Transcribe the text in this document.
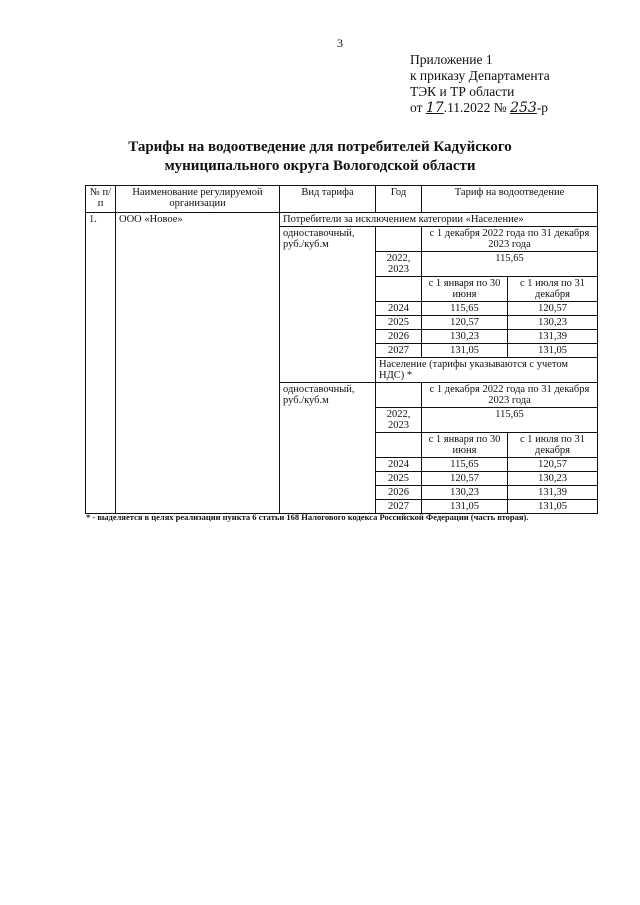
3
Приложение 1
к приказу Департамента
ТЭК и ТР области
от 17.11.2022 № 253-р
Тарифы на водоотведение для потребителей Кадуйского
муниципального округа Вологодской области
№ п/п	Наименование регулируемой организации	Вид тарифа	Год	Тариф на водоотведение	
1.	ООО «Новое»	Потребители за исключением категории «Население»			
		одноставочный, руб./куб.м		с 1 декабря 2022 года по 31 декабря 2023 года	
			2022, 2023	115,65	
				с 1 января по 30 июня	с 1 июля по 31 декабря
			2024	115,65	120,57
			2025	120,57	130,23
			2026	130,23	131,39
			2027	131,05	131,05
			Население (тарифы указываются с учетом НДС) *		
		одноставочный, руб./куб.м		с 1 декабря 2022 года по 31 декабря 2023 года	
			2022, 2023	115,65	
				с 1 января по 30 июня	с 1 июля по 31 декабря
			2024	115,65	120,57
			2025	120,57	130,23
			2026	130,23	131,39
			2027	131,05	131,05
* - выделяется в целях реализации пункта 6 статьи 168 Налогового кодекса Российской Федерации (часть вторая).
